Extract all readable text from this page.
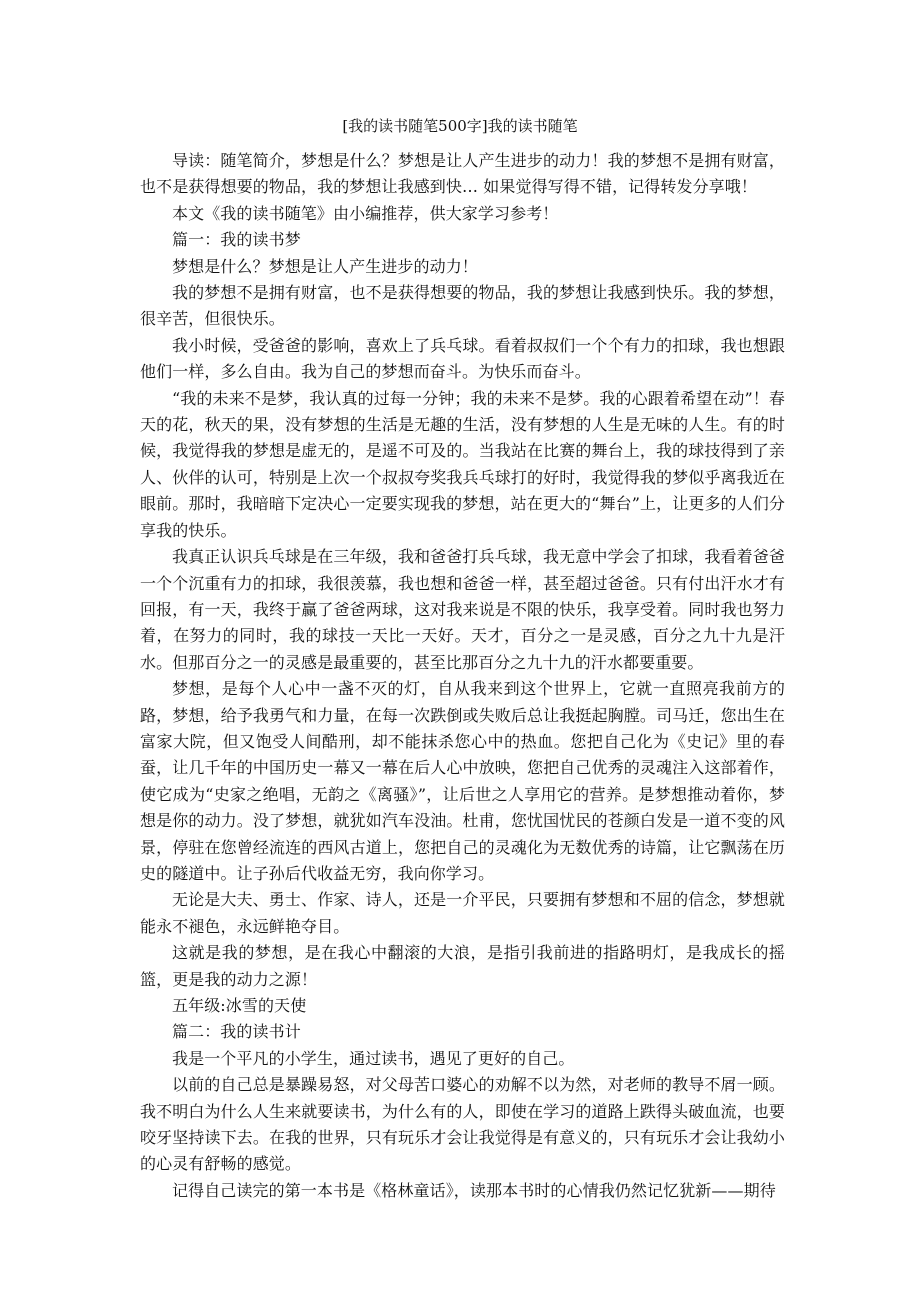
[我的读书随笔500字]我的读书随笔

导读：随笔简介，梦想是什么？梦想是让人产生进步的动力！我的梦想不是拥有财富，也不是获得想要的物品，我的梦想让我感到快… 如果觉得写得不错，记得转发分享哦！

本文《我的读书随笔》由小编推荐，供大家学习参考！

篇一：我的读书梦

梦想是什么？梦想是让人产生进步的动力！

我的梦想不是拥有财富，也不是获得想要的物品，我的梦想让我感到快乐。我的梦想，很辛苦，但很快乐。

我小时候，受爸爸的影响，喜欢上了兵乓球。看着叔叔们一个个有力的扣球，我也想跟他们一样，多么自由。我为自己的梦想而奋斗。为快乐而奋斗。

“我的未来不是梦，我认真的过每一分钟；我的未来不是梦。我的心跟着希望在动”！春天的花，秋天的果，没有梦想的生活是无趣的生活，没有梦想的人生是无味的人生。有的时候，我觉得我的梦想是虚无的，是遥不可及的。当我站在比赛的舞台上，我的球技得到了亲人、伙伴的认可，特别是上次一个叔叔夸奖我兵乓球打的好时，我觉得我的梦似乎离我近在眼前。那时，我暗暗下定决心一定要实现我的梦想，站在更大的“舞台”上，让更多的人们分享我的快乐。

我真正认识兵乓球是在三年级，我和爸爸打兵乓球，我无意中学会了扣球，我看着爸爸一个个沉重有力的扣球，我很羡慕，我也想和爸爸一样，甚至超过爸爸。只有付出汗水才有回报，有一天，我终于赢了爸爸两球，这对我来说是不限的快乐，我享受着。同时我也努力着，在努力的同时，我的球技一天比一天好。天才，百分之一是灵感，百分之九十九是汗水。但那百分之一的灵感是最重要的，甚至比那百分之九十九的汗水都要重要。

梦想，是每个人心中一盏不灭的灯，自从我来到这个世界上，它就一直照亮我前方的路，梦想，给予我勇气和力量，在每一次跌倒或失败后总让我挺起胸膛。司马迁，您出生在富家大院，但又饱受人间酷刑，却不能抹杀您心中的热血。您把自己化为《史记》里的春蚕，让几千年的中国历史一幕又一幕在后人心中放映，您把自己优秀的灵魂注入这部着作，使它成为“史家之绝唱，无韵之《离骚》”，让后世之人享用它的营养。是梦想推动着你，梦想是你的动力。没了梦想，就犹如汽车没油。杜甫，您忧国忧民的苍颜白发是一道不变的风景，停驻在您曾经流连的西风古道上，您把自己的灵魂化为无数优秀的诗篇，让它飘荡在历史的隧道中。让子孙后代收益无穷，我向你学习。

无论是大夫、勇士、作家、诗人，还是一介平民，只要拥有梦想和不屈的信念，梦想就能永不褪色，永远鲜艳夺目。

这就是我的梦想，是在我心中翻滚的大浪，是指引我前进的指路明灯，是我成长的摇篮，更是我的动力之源！

五年级:冰雪的天使

篇二：我的读书计

我是一个平凡的小学生，通过读书，遇见了更好的自己。

以前的自己总是暴躁易怒，对父母苦口婆心的劝解不以为然，对老师的教导不屑一顾。我不明白为什么人生来就要读书，为什么有的人，即使在学习的道路上跌得头破血流，也要咬牙坚持读下去。在我的世界，只有玩乐才会让我觉得是有意义的，只有玩乐才会让我幼小的心灵有舒畅的感觉。

记得自己读完的第一本书是《格林童话》，读那本书时的心情我仍然记忆犹新——期待
